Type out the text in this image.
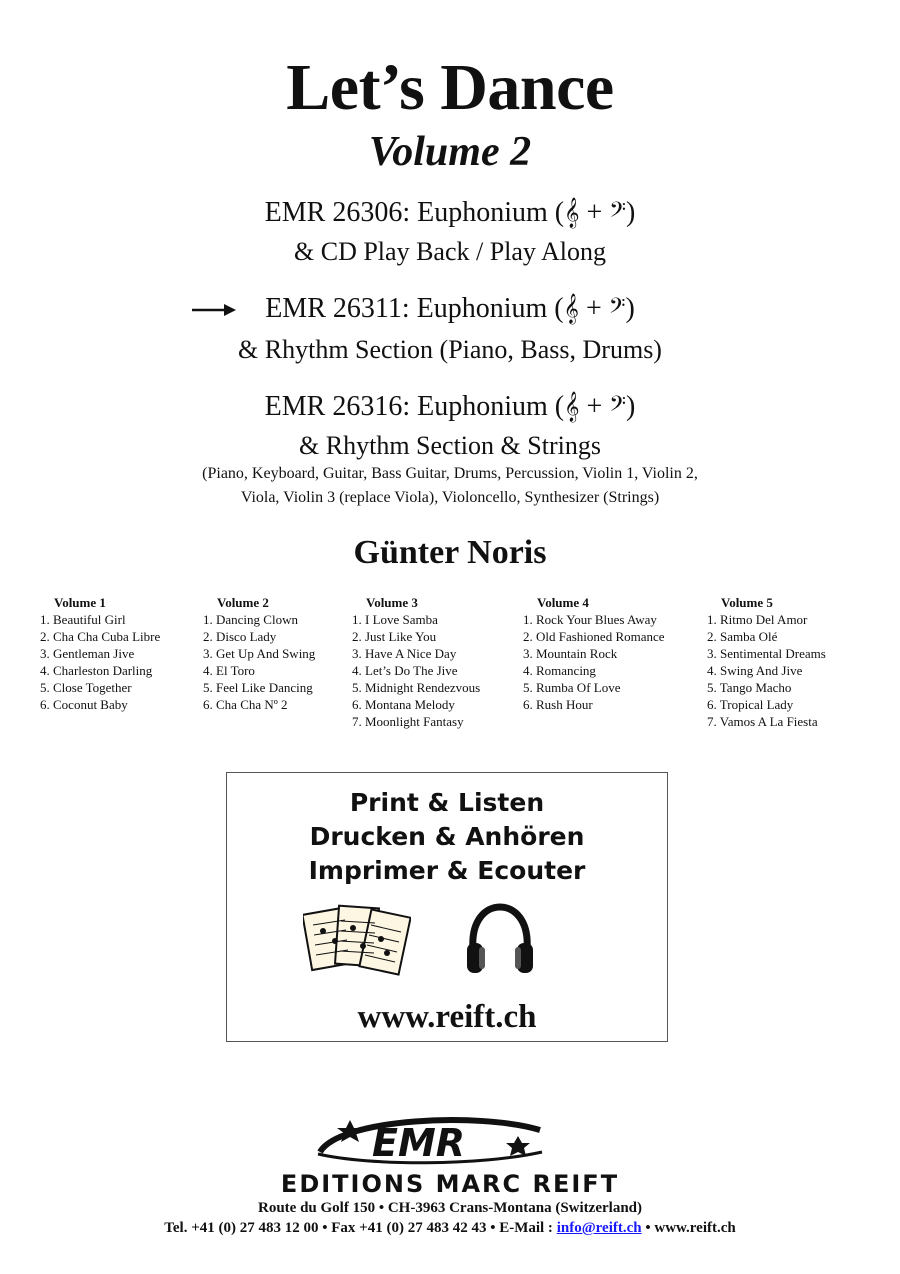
Let’s Dance
Volume 2
EMR 26306: Euphonium (𝄞 + 𝄢)
& CD Play Back / Play Along
EMR 26311: Euphonium (𝄞 + 𝄢)
& Rhythm Section (Piano, Bass, Drums)
EMR 26316: Euphonium (𝄞 + 𝄢)
& Rhythm Section & Strings
(Piano, Keyboard, Guitar, Bass Guitar, Drums, Percussion, Violin 1, Violin 2,
Viola, Violin 3 (replace Viola), Violoncello, Synthesizer (Strings)
Günter Noris
Volume 1
1. Beautiful Girl
2. Cha Cha Cuba Libre
3. Gentleman Jive
4. Charleston Darling
5. Close Together
6. Coconut Baby
Volume 2
1. Dancing Clown
2. Disco Lady
3. Get Up And Swing
4. El Toro
5. Feel Like Dancing
6. Cha Cha Nº 2
Volume 3
1. I Love Samba
2. Just Like You
3. Have A Nice Day
4. Let’s Do The Jive
5. Midnight Rendezvous
6. Montana Melody
7. Moonlight Fantasy
Volume 4
1. Rock Your Blues Away
2. Old Fashioned Romance
3. Mountain Rock
4. Romancing
5. Rumba Of Love
6. Rush Hour
Volume 5
1. Ritmo Del Amor
2. Samba Olé
3. Sentimental Dreams
4. Swing And Jive
5. Tango Macho
6. Tropical Lady
7. Vamos A La Fiesta
Print & Listen
Drucken & Anhören
Imprimer & Ecouter
www.reift.ch
EMR
EDITIONS MARC REIFT
Route du Golf 150 • CH-3963 Crans-Montana (Switzerland)
Tel. +41 (0) 27 483 12 00 • Fax +41 (0) 27 483 42 43 • E-Mail : info@reift.ch • www.reift.ch
